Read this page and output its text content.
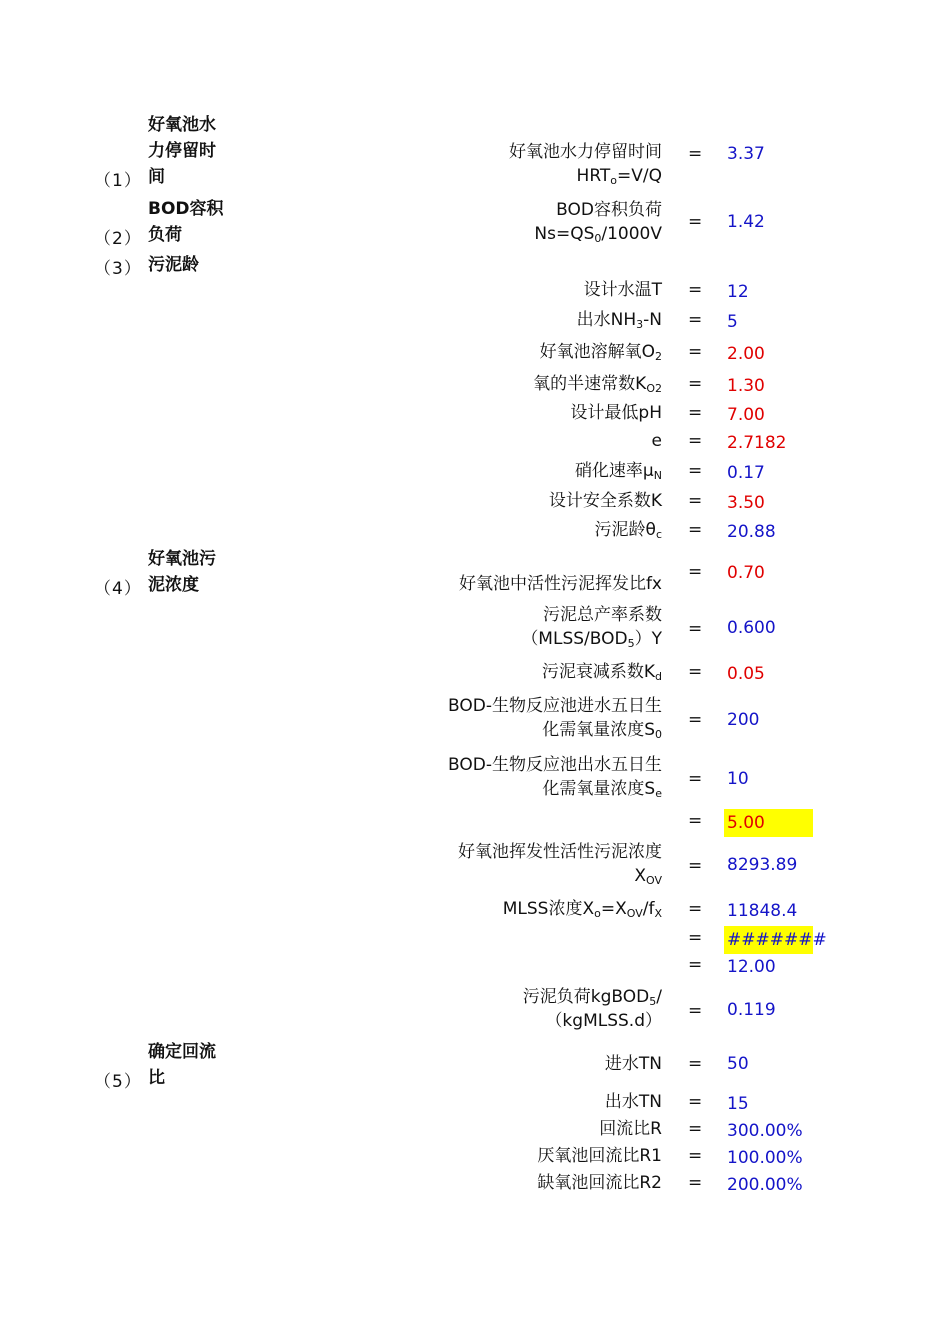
好氧池水力停留时间
（1）
好氧池水力停留时间
$HRT_o=V/Q$
= 3.37
BOD容积负荷
（2）
BOD容积负荷
$Ns=QS_0/1000V$
= 1.42
污泥龄
（3）
设计水温T = 12
出水$NH_3-N = 5$
好氧池溶解氧$O_2 = 2.00$
氧的半速常数$K_{O2} = 1.30$
设计最低pH = 7.00
e = 2.7182
硝化速率$\mu_N = 0.17$
设计安全系数K = 3.50
污泥龄$\theta_c = 20.88$
好氧池污泥浓度
（4）	好氧池中活性污泥挥发比fx
= 0.70
污泥总产率系数
$(MLSS/BOD_5)Y = 0.600$
污泥衰减系数$K_d = 0.05$
BOD-生物反应池进水五日生
化需氧量浓度$S_0$
= 200
BOD-生物反应池出水五日生
化需氧量浓度$S_e$
= 10
= 5.00
好氧池挥发性活性污泥浓度
$X_{OV}$
= 8293.89
MLSS浓度$X_o=X_{OV}/f_X = 11848.4$
= #######
= 12.00
污泥负荷kgBOD$_5$/
（kgMLSS.d） = 0.119
确定回流比
（5）
进水TN = 50
出水TN = 15
回流比R = 300.00%
厌氧池回流比R1 = 100.00%
缺氧池回流比R2 = 200.00%
